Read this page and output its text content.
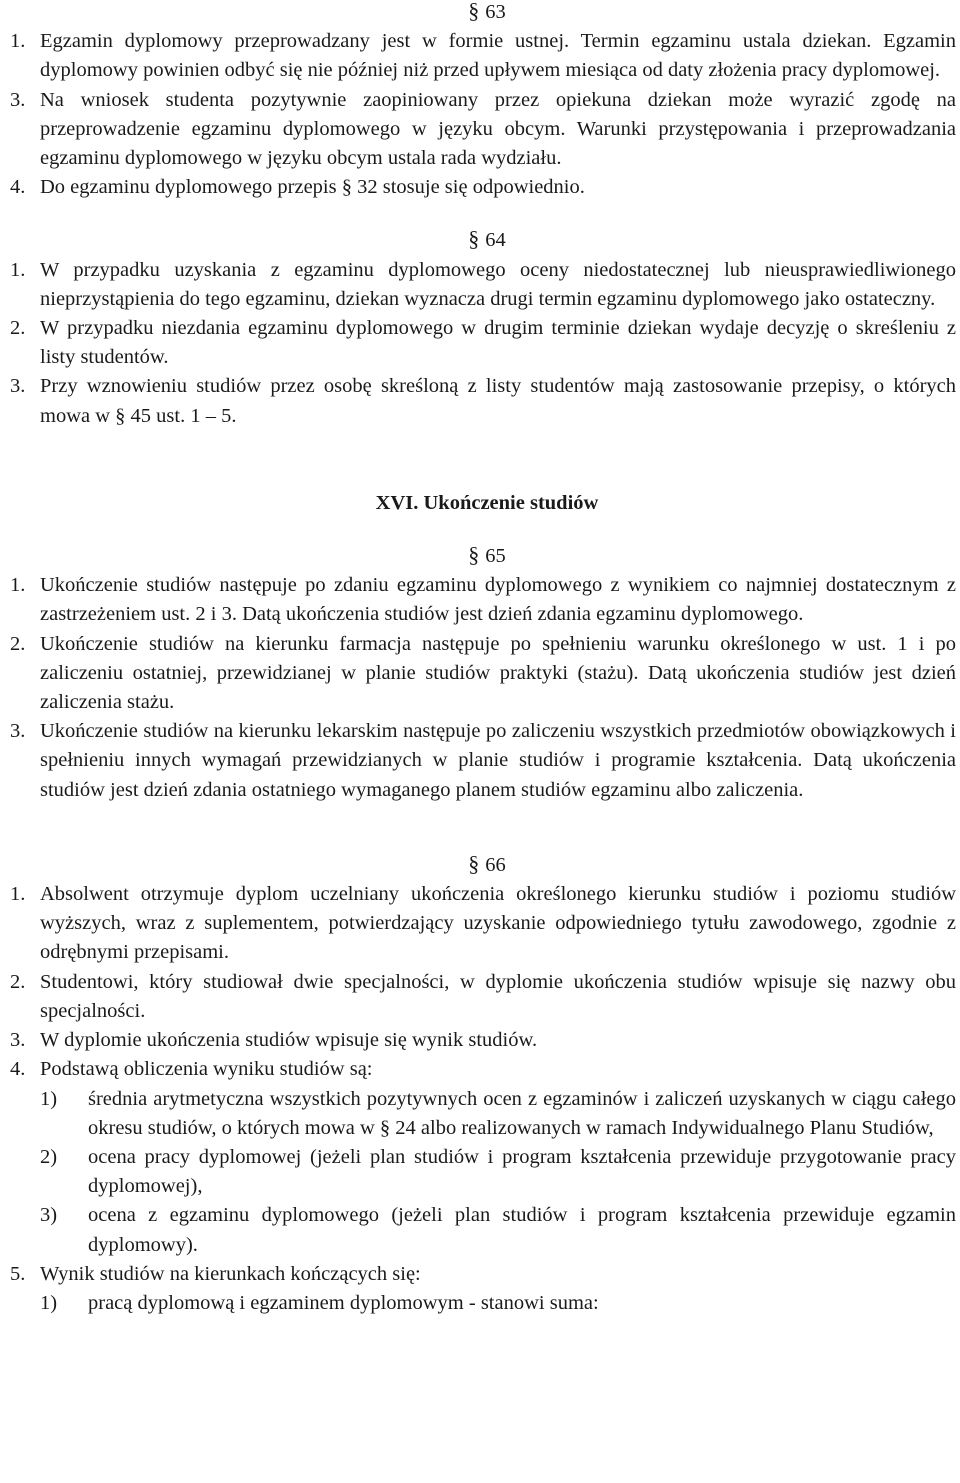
§ 63

1. Egzamin dyplomowy przeprowadzany jest w formie ustnej. Termin egzaminu ustala dziekan. Egzamin dyplomowy powinien odbyć się nie później niż przed upływem miesiąca od daty złożenia pracy dyplomowej.
3. Na wniosek studenta pozytywnie zaopiniowany przez opiekuna dziekan może wyrazić zgodę na przeprowadzenie egzaminu dyplomowego w języku obcym. Warunki przystępowania i przeprowadzania egzaminu dyplomowego w języku obcym ustala rada wydziału.
4. Do egzaminu dyplomowego przepis § 32 stosuje się odpowiednio.

§ 64

1. W przypadku uzyskania z egzaminu dyplomowego oceny niedostatecznej lub nieusprawiedliwionego nieprzystąpienia do tego egzaminu, dziekan wyznacza drugi termin egzaminu dyplomowego jako ostateczny.
2. W przypadku niezdania egzaminu dyplomowego w drugim terminie dziekan wydaje decyzję o skreśleniu z listy studentów.
3. Przy wznowieniu studiów przez osobę skreśloną z listy studentów mają zastosowanie przepisy, o których mowa w § 45 ust. 1 – 5.

XVI. Ukończenie studiów

§ 65

1. Ukończenie studiów następuje po zdaniu egzaminu dyplomowego z wynikiem co najmniej dostatecznym z zastrzeżeniem ust. 2 i 3. Datą ukończenia studiów jest dzień zdania egzaminu dyplomowego.
2. Ukończenie studiów na kierunku farmacja następuje po spełnieniu warunku określonego w ust. 1 i po zaliczeniu ostatniej, przewidzianej w planie studiów praktyki (stażu). Datą ukończenia studiów jest dzień zaliczenia stażu.
3. Ukończenie studiów na kierunku lekarskim następuje po zaliczeniu wszystkich przedmiotów obowiązkowych i spełnieniu innych wymagań przewidzianych w planie studiów i programie kształcenia. Datą ukończenia studiów jest dzień zdania ostatniego wymaganego planem studiów egzaminu albo zaliczenia.

§ 66

1. Absolwent otrzymuje dyplom uczelniany ukończenia określonego kierunku studiów i poziomu studiów wyższych, wraz z suplementem, potwierdzający uzyskanie odpowiedniego tytułu zawodowego, zgodnie z odrębnymi przepisami.
2. Studentowi, który studiował dwie specjalności, w dyplomie ukończenia studiów wpisuje się nazwy obu specjalności.
3. W dyplomie ukończenia studiów wpisuje się wynik studiów.
4. Podstawą obliczenia wyniku studiów są:
1)	średnia arytmetyczna wszystkich pozytywnych ocen z egzaminów i zaliczeń uzyskanych w ciągu całego okresu studiów, o których mowa w § 24 albo realizowanych w ramach Indywidualnego Planu Studiów,
2)	ocena pracy dyplomowej (jeżeli plan studiów i program kształcenia przewiduje przygotowanie pracy dyplomowej),
3)	ocena z egzaminu dyplomowego (jeżeli plan studiów i program kształcenia przewiduje egzamin dyplomowy).
5. Wynik studiów na kierunkach kończących się:
1)	pracą dyplomową i egzaminem dyplomowym - stanowi suma:
